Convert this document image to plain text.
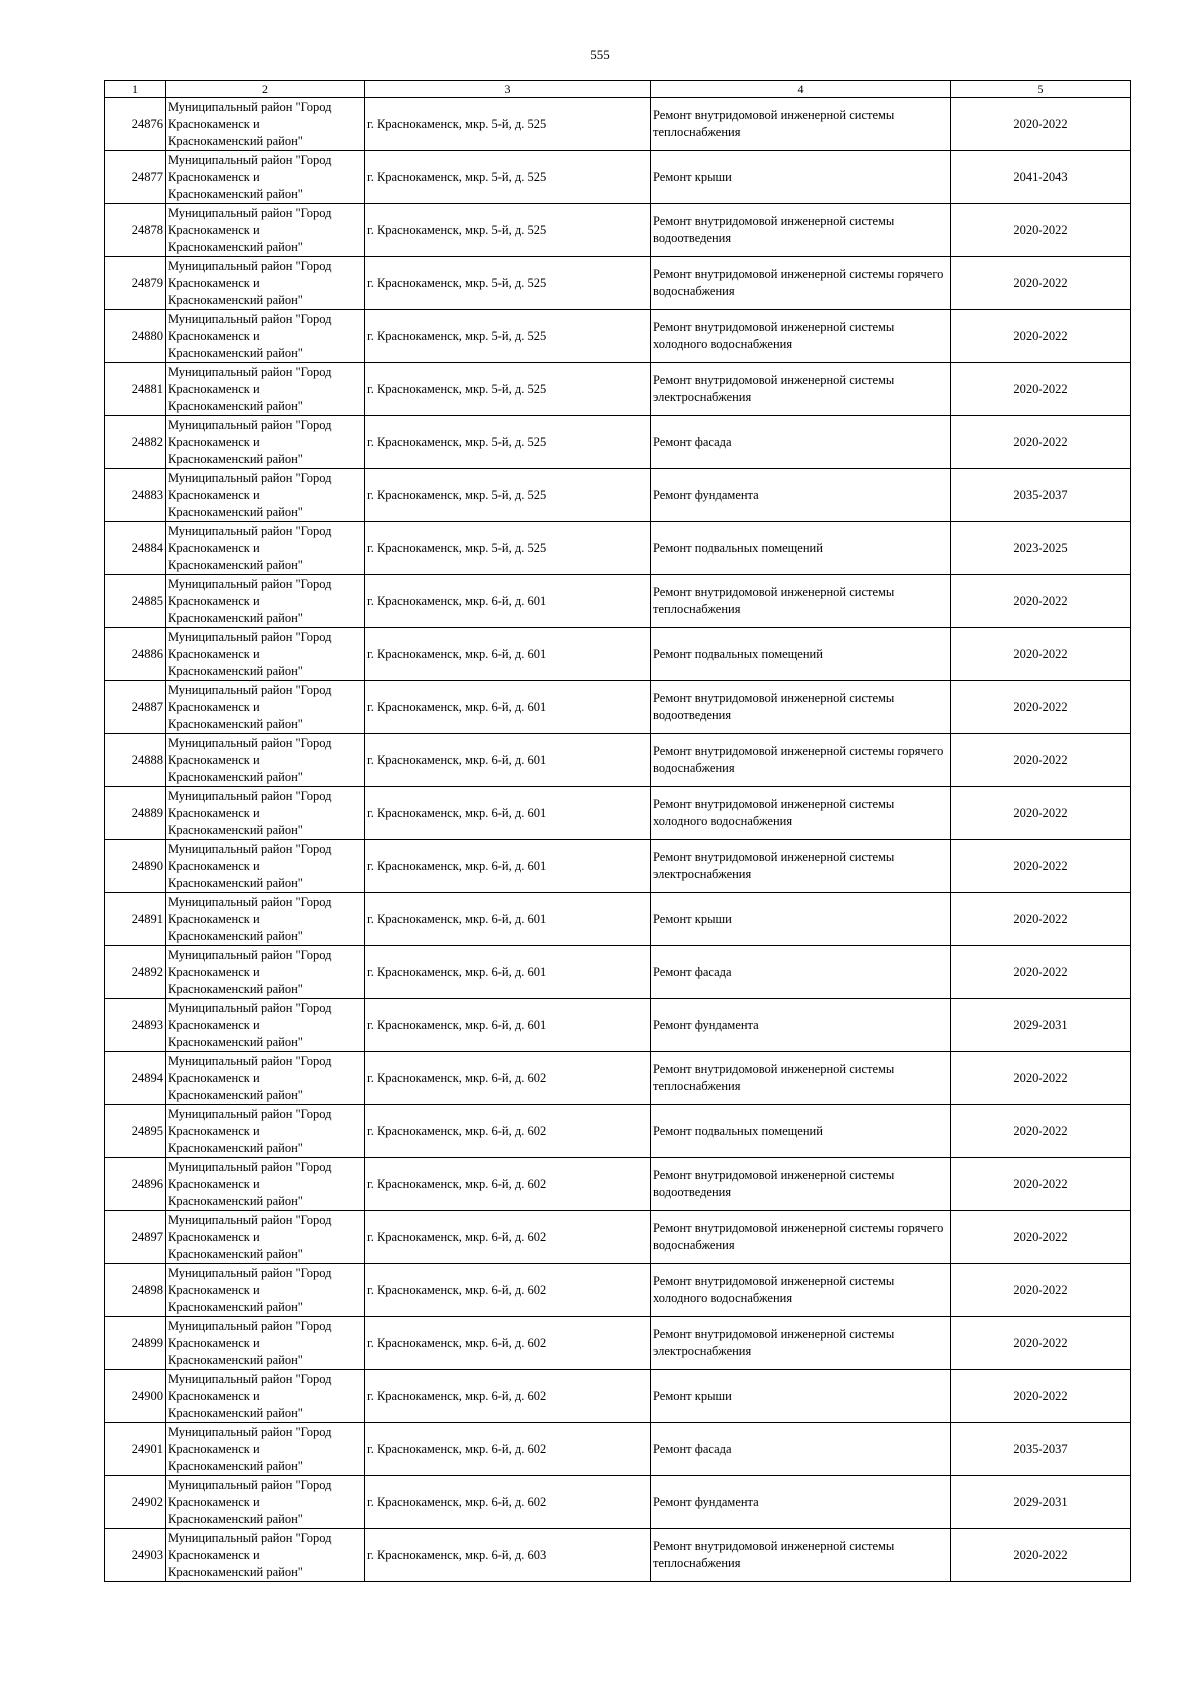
555
1	2	3	4	5
24876	Муниципальный район "Город
Краснокаменск и
Краснокаменский район"	г. Краснокаменск, мкр. 5-й, д. 525	Ремонт внутридомовой инженерной системы теплоснабжения	2020-2022
24877	Муниципальный район "Город
Краснокаменск и
Краснокаменский район"	г. Краснокаменск, мкр. 5-й, д. 525	Ремонт крыши	2041-2043
24878	Муниципальный район "Город
Краснокаменск и
Краснокаменский район"	г. Краснокаменск, мкр. 5-й, д. 525	Ремонт внутридомовой инженерной системы водоотведения	2020-2022
24879	Муниципальный район "Город
Краснокаменск и
Краснокаменский район"	г. Краснокаменск, мкр. 5-й, д. 525	Ремонт внутридомовой инженерной системы горячего водоснабжения	2020-2022
24880	Муниципальный район "Город
Краснокаменск и
Краснокаменский район"	г. Краснокаменск, мкр. 5-й, д. 525	Ремонт внутридомовой инженерной системы холодного водоснабжения	2020-2022
24881	Муниципальный район "Город
Краснокаменск и
Краснокаменский район"	г. Краснокаменск, мкр. 5-й, д. 525	Ремонт внутридомовой инженерной системы электроснабжения	2020-2022
24882	Муниципальный район "Город
Краснокаменск и
Краснокаменский район"	г. Краснокаменск, мкр. 5-й, д. 525	Ремонт фасада	2020-2022
24883	Муниципальный район "Город
Краснокаменск и
Краснокаменский район"	г. Краснокаменск, мкр. 5-й, д. 525	Ремонт фундамента	2035-2037
24884	Муниципальный район "Город
Краснокаменск и
Краснокаменский район"	г. Краснокаменск, мкр. 5-й, д. 525	Ремонт подвальных помещений	2023-2025
24885	Муниципальный район "Город
Краснокаменск и
Краснокаменский район"	г. Краснокаменск, мкр. 6-й, д. 601	Ремонт внутридомовой инженерной системы теплоснабжения	2020-2022
24886	Муниципальный район "Город
Краснокаменск и
Краснокаменский район"	г. Краснокаменск, мкр. 6-й, д. 601	Ремонт подвальных помещений	2020-2022
24887	Муниципальный район "Город
Краснокаменск и
Краснокаменский район"	г. Краснокаменск, мкр. 6-й, д. 601	Ремонт внутридомовой инженерной системы водоотведения	2020-2022
24888	Муниципальный район "Город
Краснокаменск и
Краснокаменский район"	г. Краснокаменск, мкр. 6-й, д. 601	Ремонт внутридомовой инженерной системы горячего водоснабжения	2020-2022
24889	Муниципальный район "Город
Краснокаменск и
Краснокаменский район"	г. Краснокаменск, мкр. 6-й, д. 601	Ремонт внутридомовой инженерной системы холодного водоснабжения	2020-2022
24890	Муниципальный район "Город
Краснокаменск и
Краснокаменский район"	г. Краснокаменск, мкр. 6-й, д. 601	Ремонт внутридомовой инженерной системы электроснабжения	2020-2022
24891	Муниципальный район "Город
Краснокаменск и
Краснокаменский район"	г. Краснокаменск, мкр. 6-й, д. 601	Ремонт крыши	2020-2022
24892	Муниципальный район "Город
Краснокаменск и
Краснокаменский район"	г. Краснокаменск, мкр. 6-й, д. 601	Ремонт фасада	2020-2022
24893	Муниципальный район "Город
Краснокаменск и
Краснокаменский район"	г. Краснокаменск, мкр. 6-й, д. 601	Ремонт фундамента	2029-2031
24894	Муниципальный район "Город
Краснокаменск и
Краснокаменский район"	г. Краснокаменск, мкр. 6-й, д. 602	Ремонт внутридомовой инженерной системы теплоснабжения	2020-2022
24895	Муниципальный район "Город
Краснокаменск и
Краснокаменский район"	г. Краснокаменск, мкр. 6-й, д. 602	Ремонт подвальных помещений	2020-2022
24896	Муниципальный район "Город
Краснокаменск и
Краснокаменский район"	г. Краснокаменск, мкр. 6-й, д. 602	Ремонт внутридомовой инженерной системы водоотведения	2020-2022
24897	Муниципальный район "Город
Краснокаменск и
Краснокаменский район"	г. Краснокаменск, мкр. 6-й, д. 602	Ремонт внутридомовой инженерной системы горячего водоснабжения	2020-2022
24898	Муниципальный район "Город
Краснокаменск и
Краснокаменский район"	г. Краснокаменск, мкр. 6-й, д. 602	Ремонт внутридомовой инженерной системы холодного водоснабжения	2020-2022
24899	Муниципальный район "Город
Краснокаменск и
Краснокаменский район"	г. Краснокаменск, мкр. 6-й, д. 602	Ремонт внутридомовой инженерной системы электроснабжения	2020-2022
24900	Муниципальный район "Город
Краснокаменск и
Краснокаменский район"	г. Краснокаменск, мкр. 6-й, д. 602	Ремонт крыши	2020-2022
24901	Муниципальный район "Город
Краснокаменск и
Краснокаменский район"	г. Краснокаменск, мкр. 6-й, д. 602	Ремонт фасада	2035-2037
24902	Муниципальный район "Город
Краснокаменск и
Краснокаменский район"	г. Краснокаменск, мкр. 6-й, д. 602	Ремонт фундамента	2029-2031
24903	Муниципальный район "Город
Краснокаменск и
Краснокаменский район"	г. Краснокаменск, мкр. 6-й, д. 603	Ремонт внутридомовой инженерной системы теплоснабжения	2020-2022
